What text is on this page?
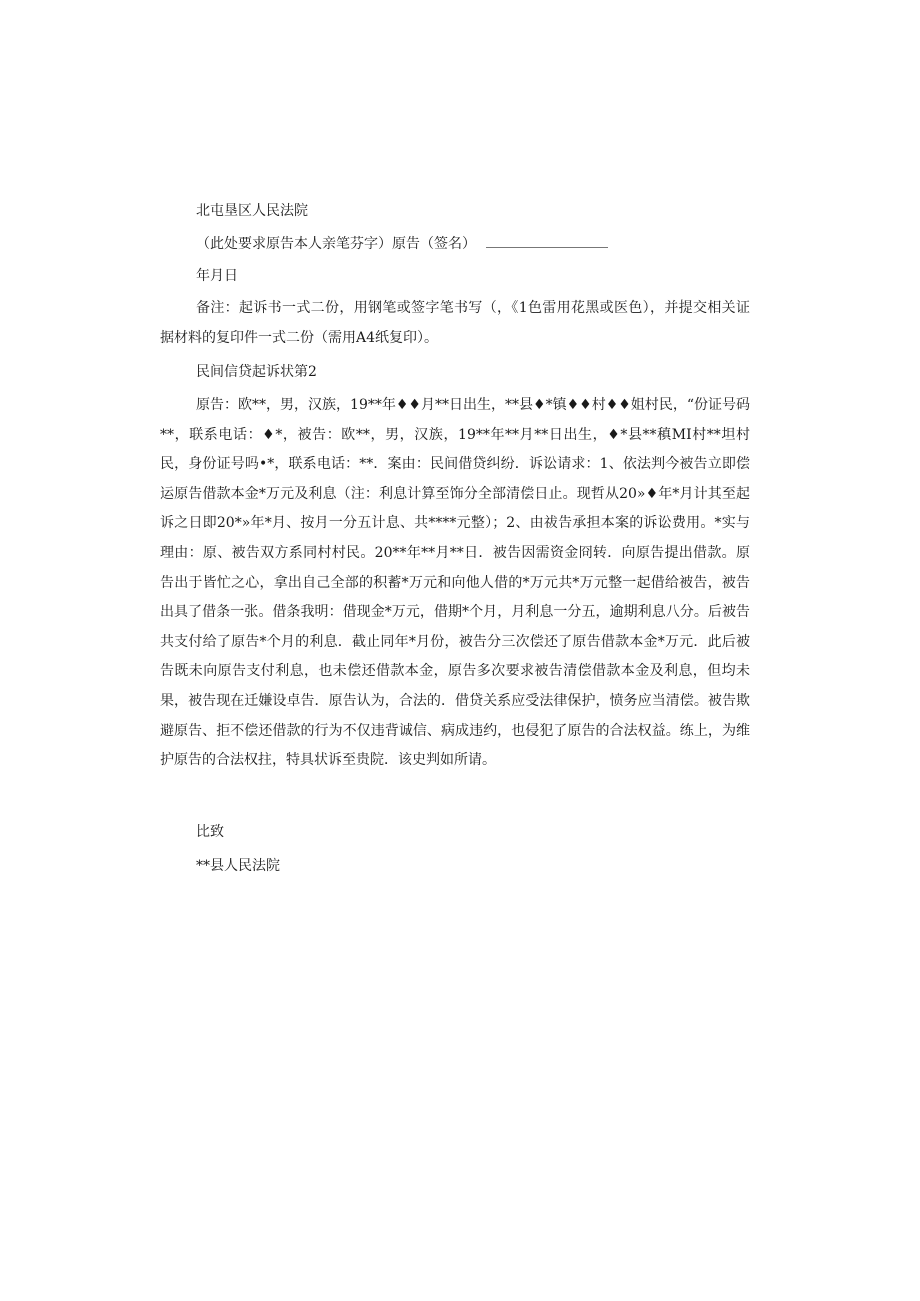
北屯垦区人民法院
（此处要求原告本人亲笔芬字）原告（签名）
年月日
备注：起诉书一式二份，用钢笔或签字笔书写（，《1色雷用花黑或医色），并提交相关证据材料的复印件一式二份（需用A4纸复印）。
民间信贷起诉状第2
原告：欧**，男，汉族，19**年♦♦月**日出生，**县♦*镇♦♦村♦♦姐村民，“份证号码**，联系电话：♦*，被告：欧**，男，汉族，19**年**月**日出生，♦*县**稹MI村**坦村民，身份证号吗•*，联系电话：**．案由：民间借贷纠纷．诉讼请求：1、依法判今被告立即偿运原告借款本金*万元及利息（注：利息计算至饰分全部清偿日止。现哲从20»♦年*月计其至起诉之日即20*»年*月、按月一分五计息、共****元整）；2、由祓告承担本案的诉讼费用。*实与理由：原、被告双方系同村村民。20**年**月**日．被告因需资金冏转．向原告提出借款。原告出于皆忙之心，拿出自己全部的积蓄*万元和向他人借的*万元共*万元整一起借给被告，被告出具了借条一张。借条我明：借现金*万元，借期*个月，月利息一分五，逾期利息八分。后被告共支付给了原告*个月的利息．截止同年*月份，被告分三次偿还了原告借款本金*万元．此后被告既未向原告支付利息，也未偿还借款本金，原告多次要求被告清偿借款本金及利息，但均未果，被告现在迁嫌设卓告．原告认为，合法的．借贷关系应受法律保护，愤务应当清偿。被告欺避原告、拒不偿还借款的行为不仅违背诚信、病成违约，也侵犯了原告的合法权益。练上，为维护原告的合法权拄，特具状诉至贵院．该史判如所请。
比致
**县人民法院
